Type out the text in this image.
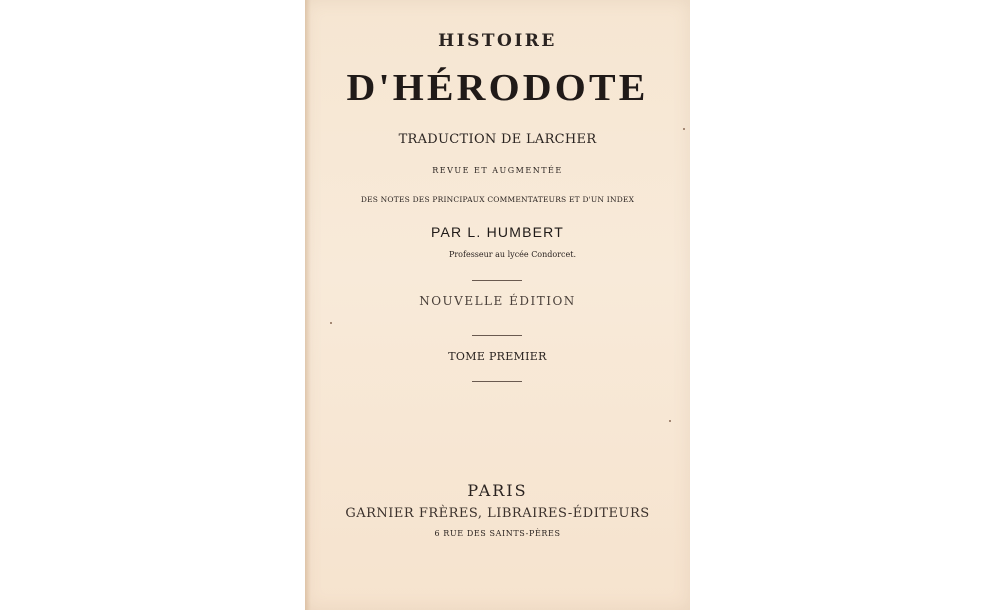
HISTOIRE

D'HÉRODOTE

TRADUCTION DE LARCHER

REVUE ET AUGMENTÉE

DES NOTES DES PRINCIPAUX COMMENTATEURS ET D'UN INDEX

PAR L. HUMBERT

Professeur au lycée Condorcet.

NOUVELLE ÉDITION

TOME PREMIER

PARIS

GARNIER FRÈRES, LIBRAIRES-ÉDITEURS

6 RUE DES SAINTS-PÈRES
